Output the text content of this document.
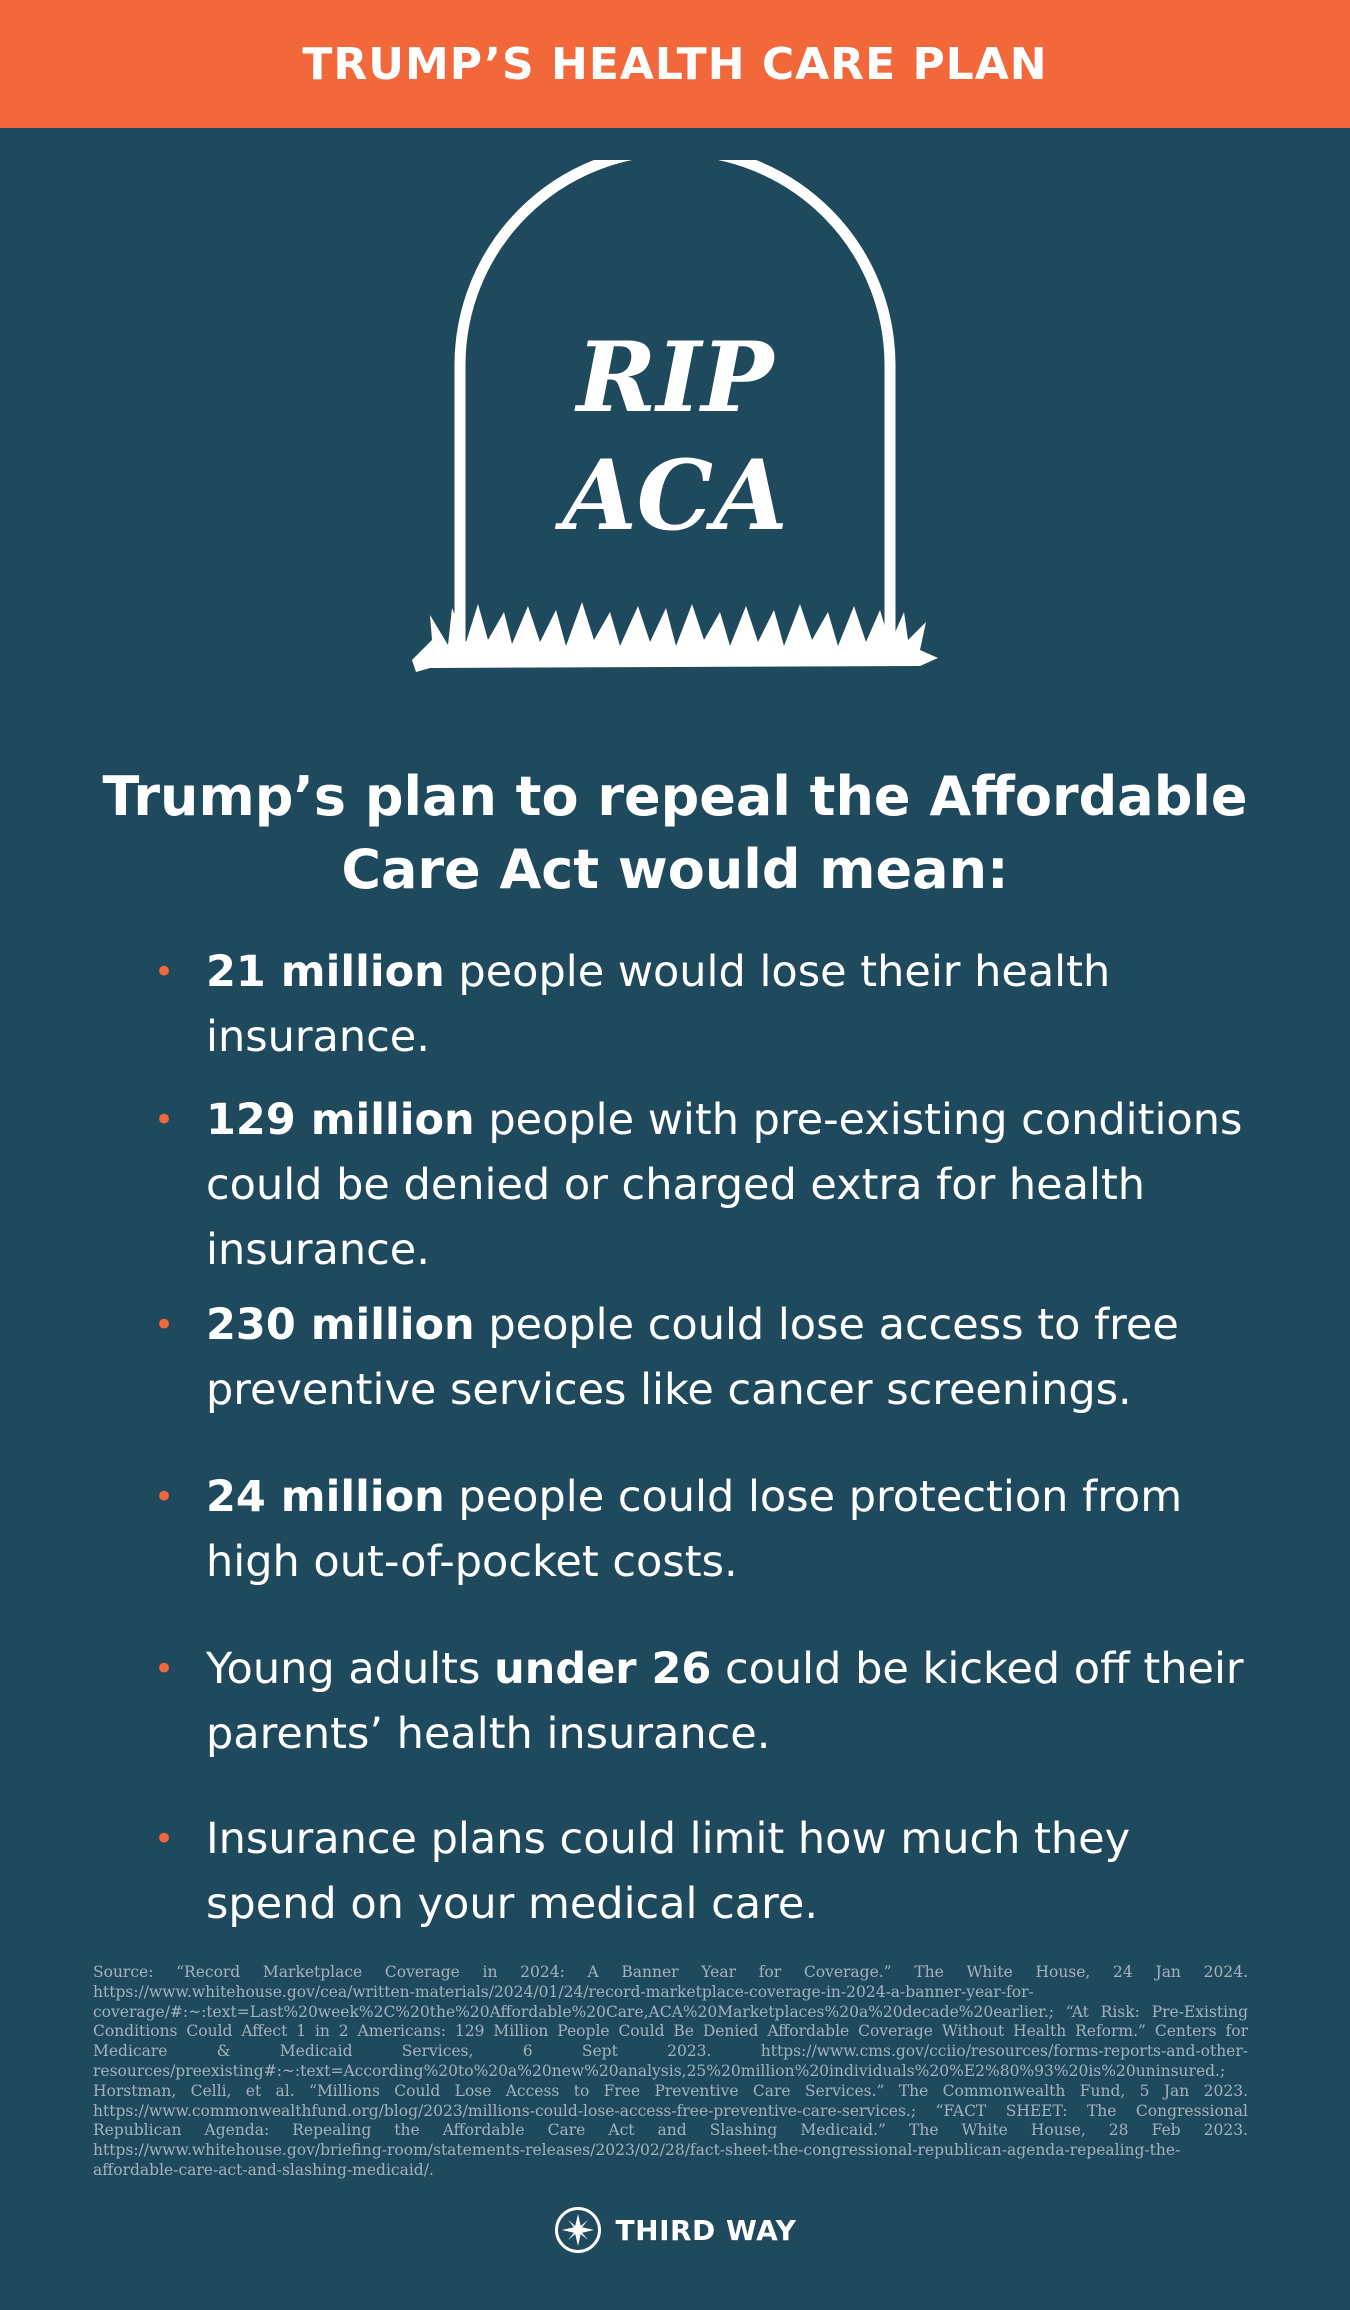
TRUMP’S HEALTH CARE PLAN
RIP
ACA
Trump’s plan to repeal the Affordable
Care Act would mean:
• 21 million people would lose their health insurance.
• 129 million people with pre-existing conditions could be denied or charged extra for health insurance.
• 230 million people could lose access to free preventive services like cancer screenings.
• 24 million people could lose protection from high out-of-pocket costs.
• Young adults under 26 could be kicked off their parents’ health insurance.
• Insurance plans could limit how much they spend on your medical care.
Source: “Record Marketplace Coverage in 2024: A Banner Year for Coverage.” The White House, 24 Jan 2024. https://www.whitehouse.gov/cea/written-materials/2024/01/24/record-marketplace-coverage-in-2024-a-banner-year-for-coverage/#:~:text=Last%20week%2C%20the%20Affordable%20Care,ACA%20Marketplaces%20a%20decade%20earlier.; “At Risk: Pre-Existing Conditions Could Affect 1 in 2 Americans: 129 Million People Could Be Denied Affordable Coverage Without Health Reform.” Centers for Medicare & Medicaid Services, 6 Sept 2023. https://www.cms.gov/cciio/resources/forms-reports-and-other-resources/preexisting#:~:text=According%20to%20a%20new%20analysis,25%20million%20individuals%20%E2%80%93%20is%20uninsured.; Horstman, Celli, et al. “Millions Could Lose Access to Free Preventive Care Services.” The Commonwealth Fund, 5 Jan 2023. https://www.commonwealthfund.org/blog/2023/millions-could-lose-access-free-preventive-care-services.; “FACT SHEET: The Congressional Republican Agenda: Repealing the Affordable Care Act and Slashing Medicaid.” The White House, 28 Feb 2023. https://www.whitehouse.gov/briefing-room/statements-releases/2023/02/28/fact-sheet-the-congressional-republican-agenda-repealing-the-affordable-care-act-and-slashing-medicaid/.
THIRD WAY
